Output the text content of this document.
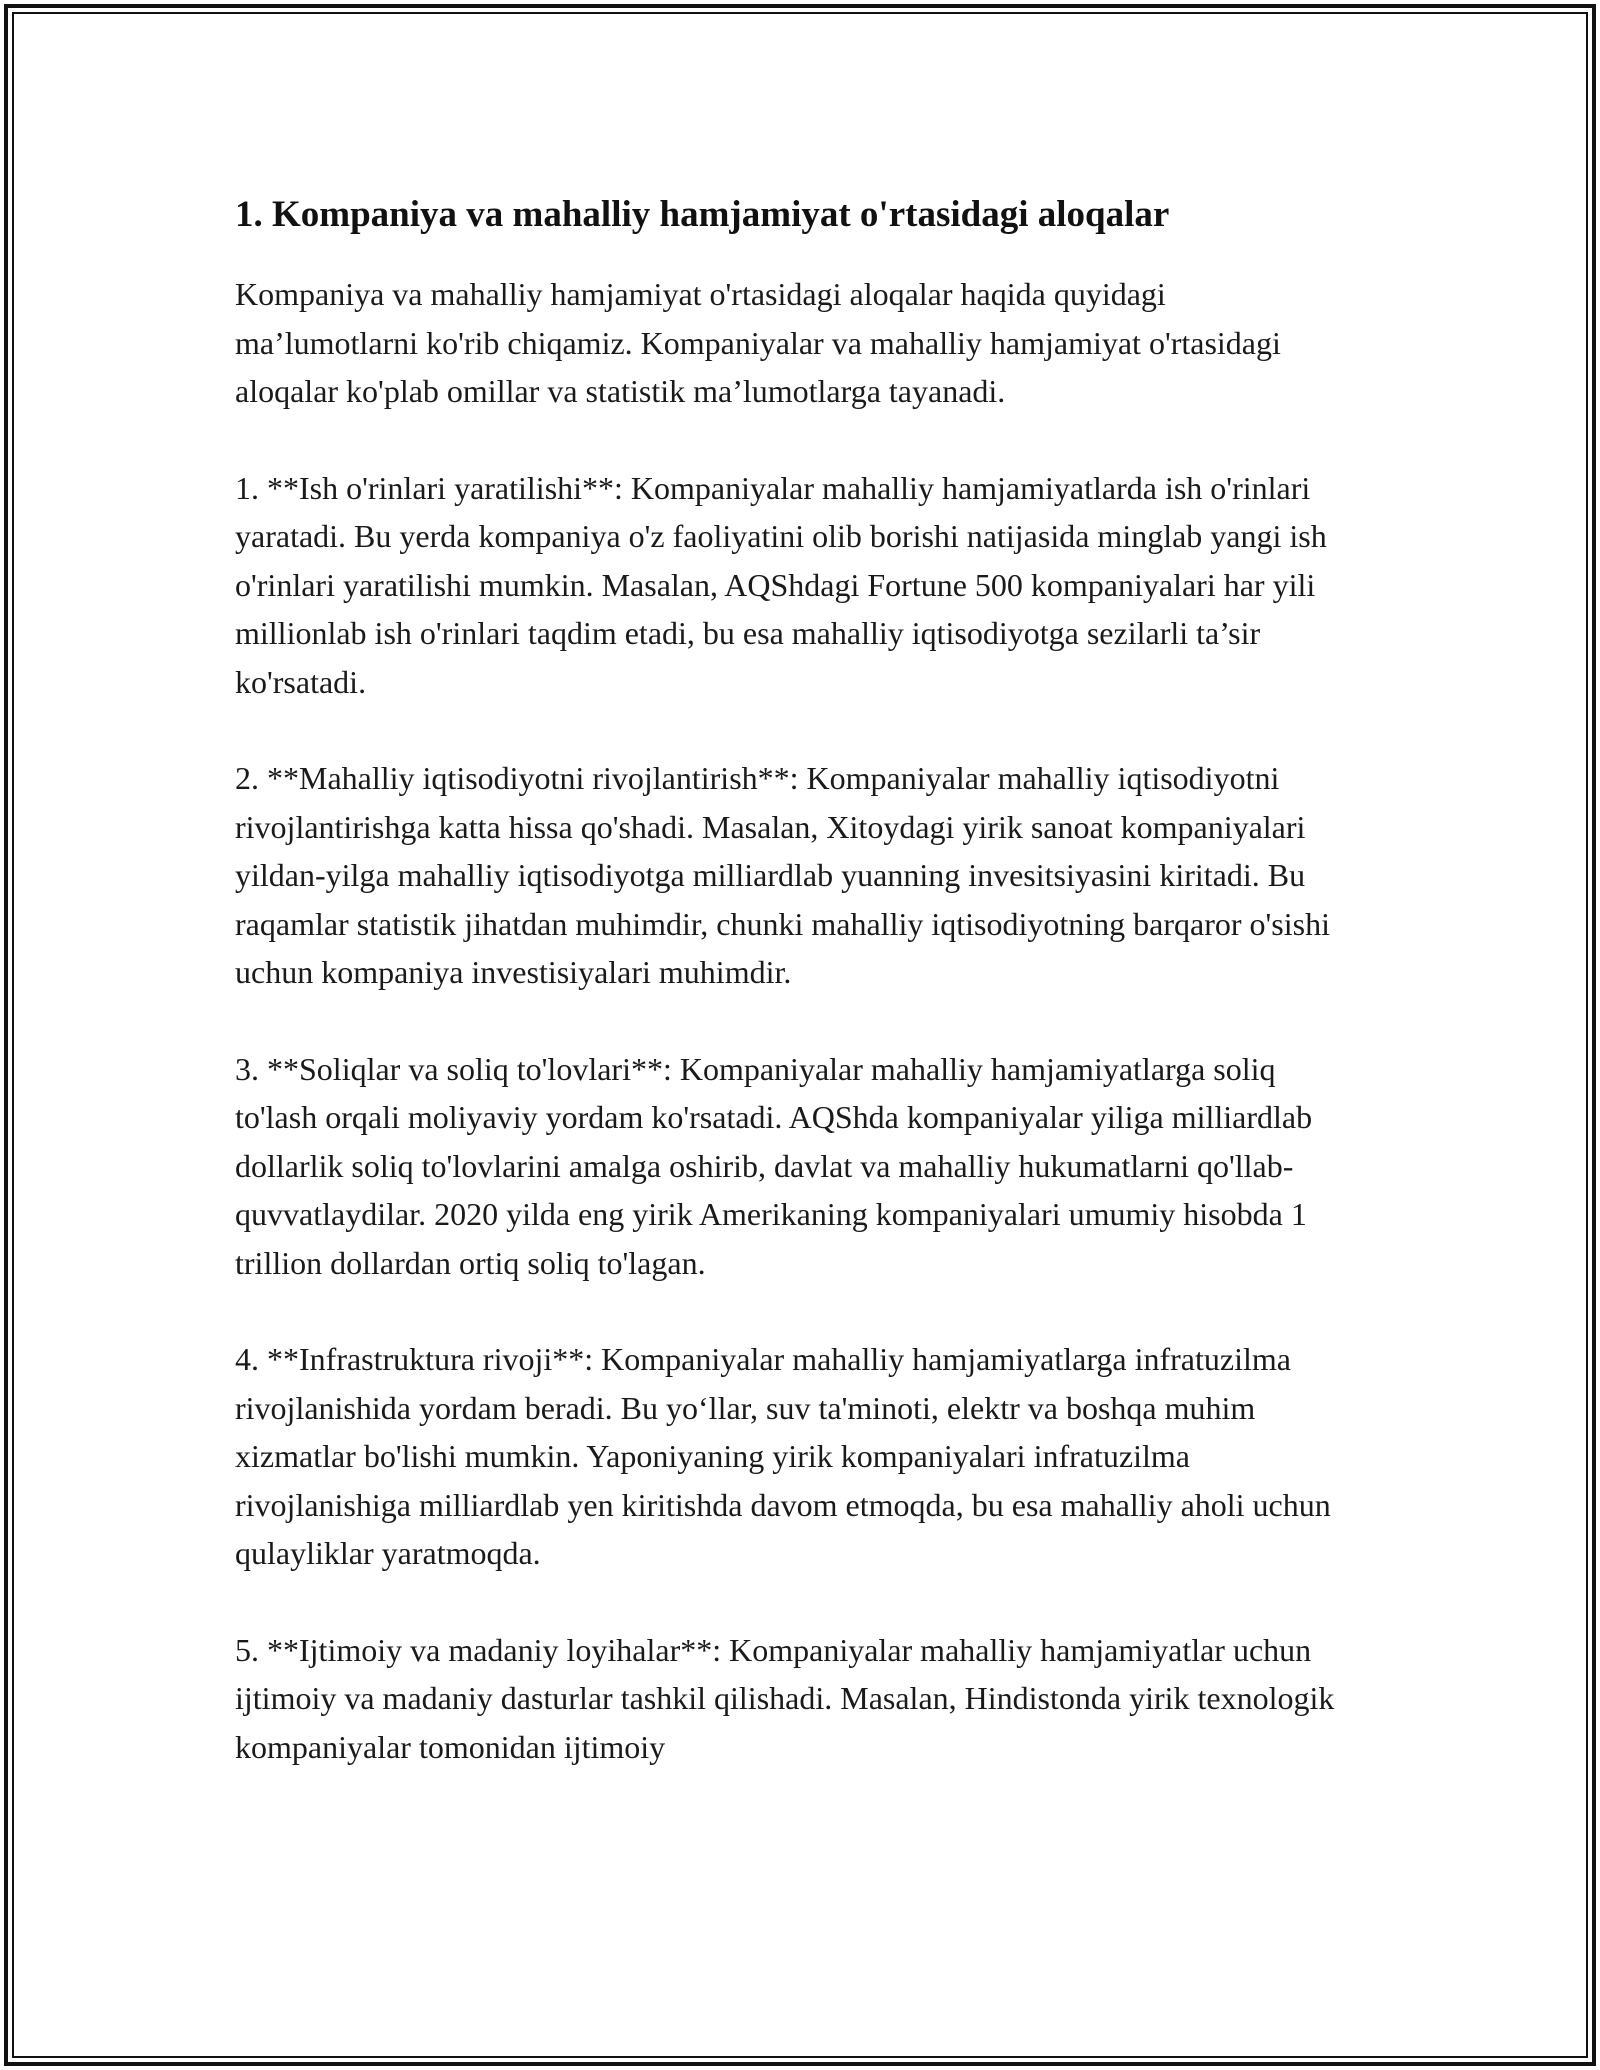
1. Kompaniya va mahalliy hamjamiyat o'rtasidagi aloqalar

Kompaniya va mahalliy hamjamiyat o'rtasidagi aloqalar haqida quyidagi ma’lumotlarni ko'rib chiqamiz. Kompaniyalar va mahalliy hamjamiyat o'rtasidagi aloqalar ko'plab omillar va statistik ma’lumotlarga tayanadi.

1. **Ish o'rinlari yaratilishi**: Kompaniyalar mahalliy hamjamiyatlarda ish o'rinlari yaratadi. Bu yerda kompaniya o'z faoliyatini olib borishi natijasida minglab yangi ish o'rinlari yaratilishi mumkin. Masalan, AQShdagi Fortune 500 kompaniyalari har yili millionlab ish o'rinlari taqdim etadi, bu esa mahalliy iqtisodiyotga sezilarli ta’sir ko'rsatadi.

2. **Mahalliy iqtisodiyotni rivojlantirish**: Kompaniyalar mahalliy iqtisodiyotni rivojlantirishga katta hissa qo'shadi. Masalan, Xitoydagi yirik sanoat kompaniyalari yildan-yilga mahalliy iqtisodiyotga milliardlab yuanning invesitsiyasini kiritadi. Bu raqamlar statistik jihatdan muhimdir, chunki mahalliy iqtisodiyotning barqaror o'sishi uchun kompaniya investisiyalari muhimdir.

3. **Soliqlar va soliq to'lovlari**: Kompaniyalar mahalliy hamjamiyatlarga soliq to'lash orqali moliyaviy yordam ko'rsatadi. AQShda kompaniyalar yiliga milliardlab dollarlik soliq to'lovlarini amalga oshirib, davlat va mahalliy hukumatlarni qo'llab-quvvatlaydilar. 2020 yilda eng yirik Amerikaning kompaniyalari umumiy hisobda 1 trillion dollardan ortiq soliq to'lagan.

4. **Infrastruktura rivoji**: Kompaniyalar mahalliy hamjamiyatlarga infratuzilma rivojlanishida yordam beradi. Bu yo‘llar, suv ta'minoti, elektr va boshqa muhim xizmatlar bo'lishi mumkin. Yaponiyaning yirik kompaniyalari infratuzilma rivojlanishiga milliardlab yen kiritishda davom etmoqda, bu esa mahalliy aholi uchun qulayliklar yaratmoqda.

5. **Ijtimoiy va madaniy loyihalar**: Kompaniyalar mahalliy hamjamiyatlar uchun ijtimoiy va madaniy dasturlar tashkil qilishadi. Masalan, Hindistonda yirik texnologik kompaniyalar tomonidan ijtimoiy
